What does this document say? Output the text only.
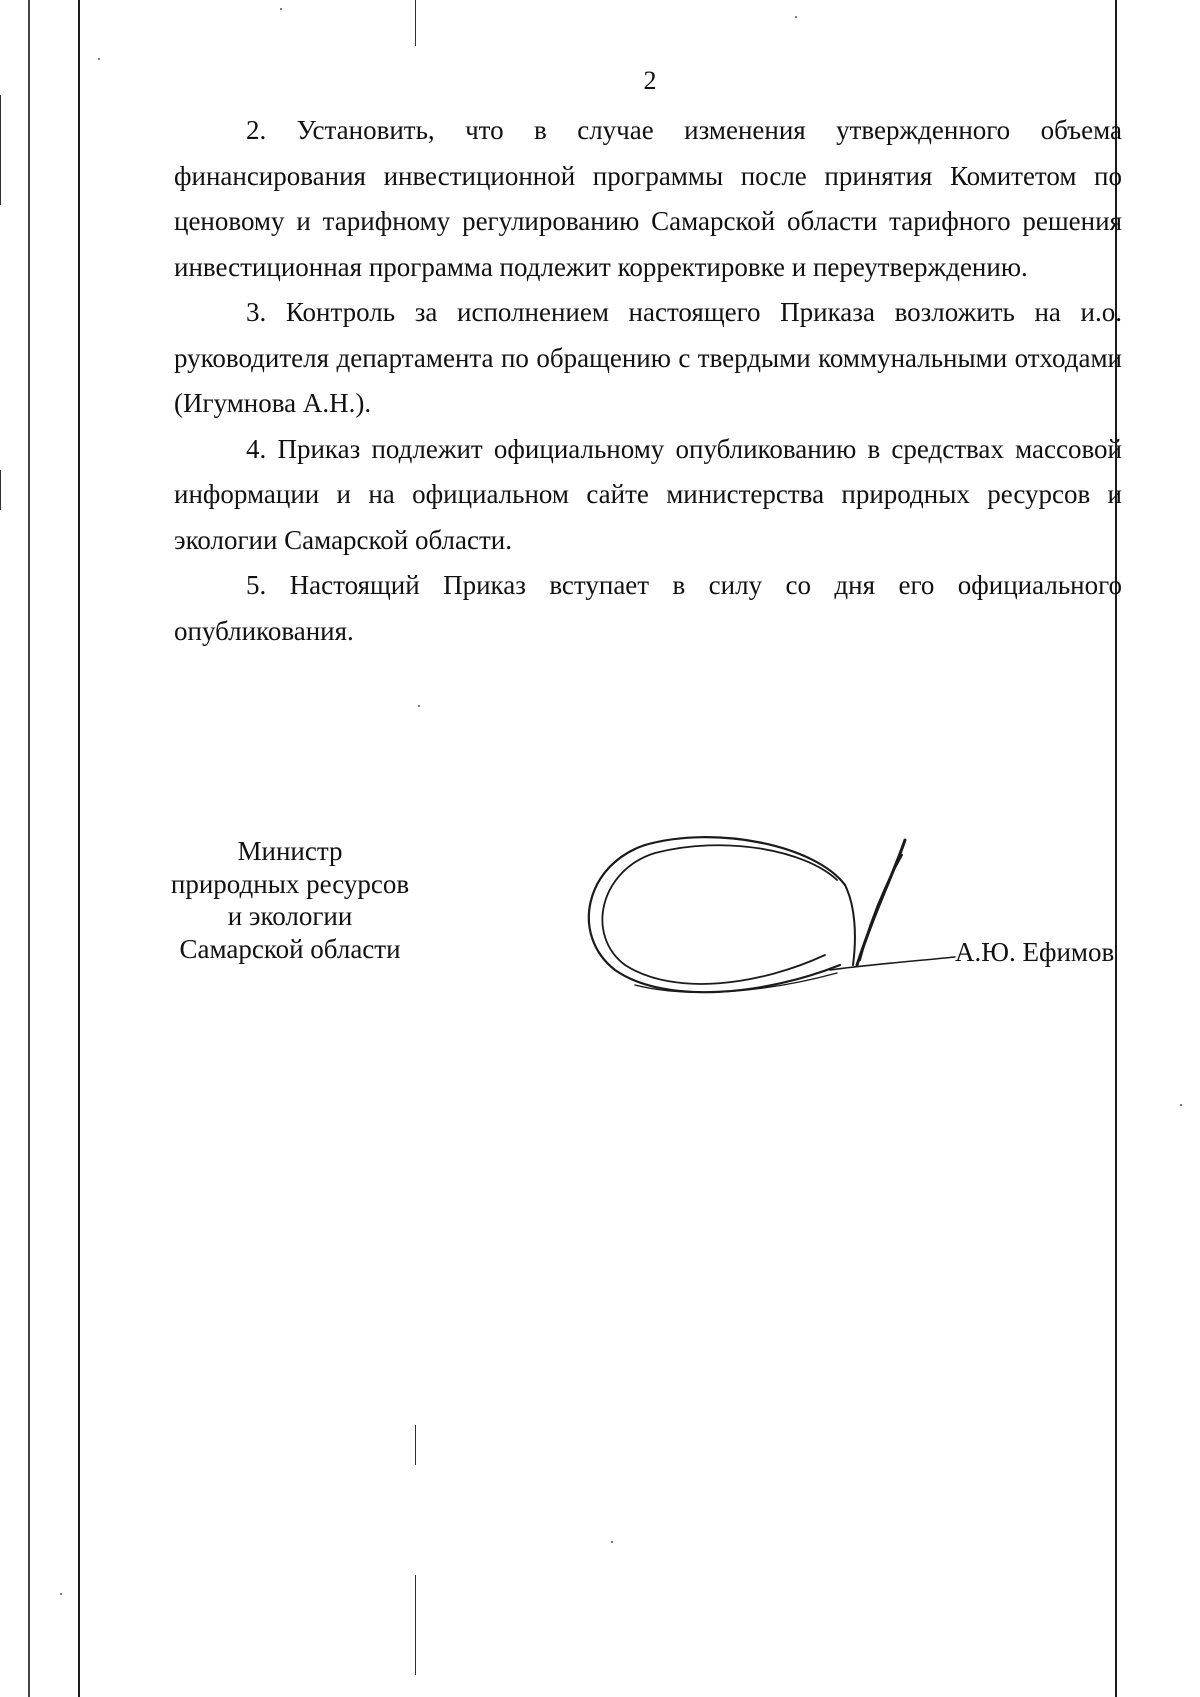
2

2. Установить, что в случае изменения утвержденного объема финансирования инвестиционной программы после принятия Комитетом по ценовому и тарифному регулированию Самарской области тарифного решения инвестиционная программа подлежит корректировке и переутверждению.

3. Контроль за исполнением настоящего Приказа возложить на и.о. руководителя департамента по обращению с твердыми коммунальными отходами (Игумнова А.Н.).

4. Приказ подлежит официальному опубликованию в средствах массовой информации и на официальном сайте министерства природных ресурсов и экологии Самарской области.

5. Настоящий Приказ вступает в силу со дня его официального опубликования.

Министр
природных ресурсов
и экологии
Самарской области	А.Ю. Ефимов
